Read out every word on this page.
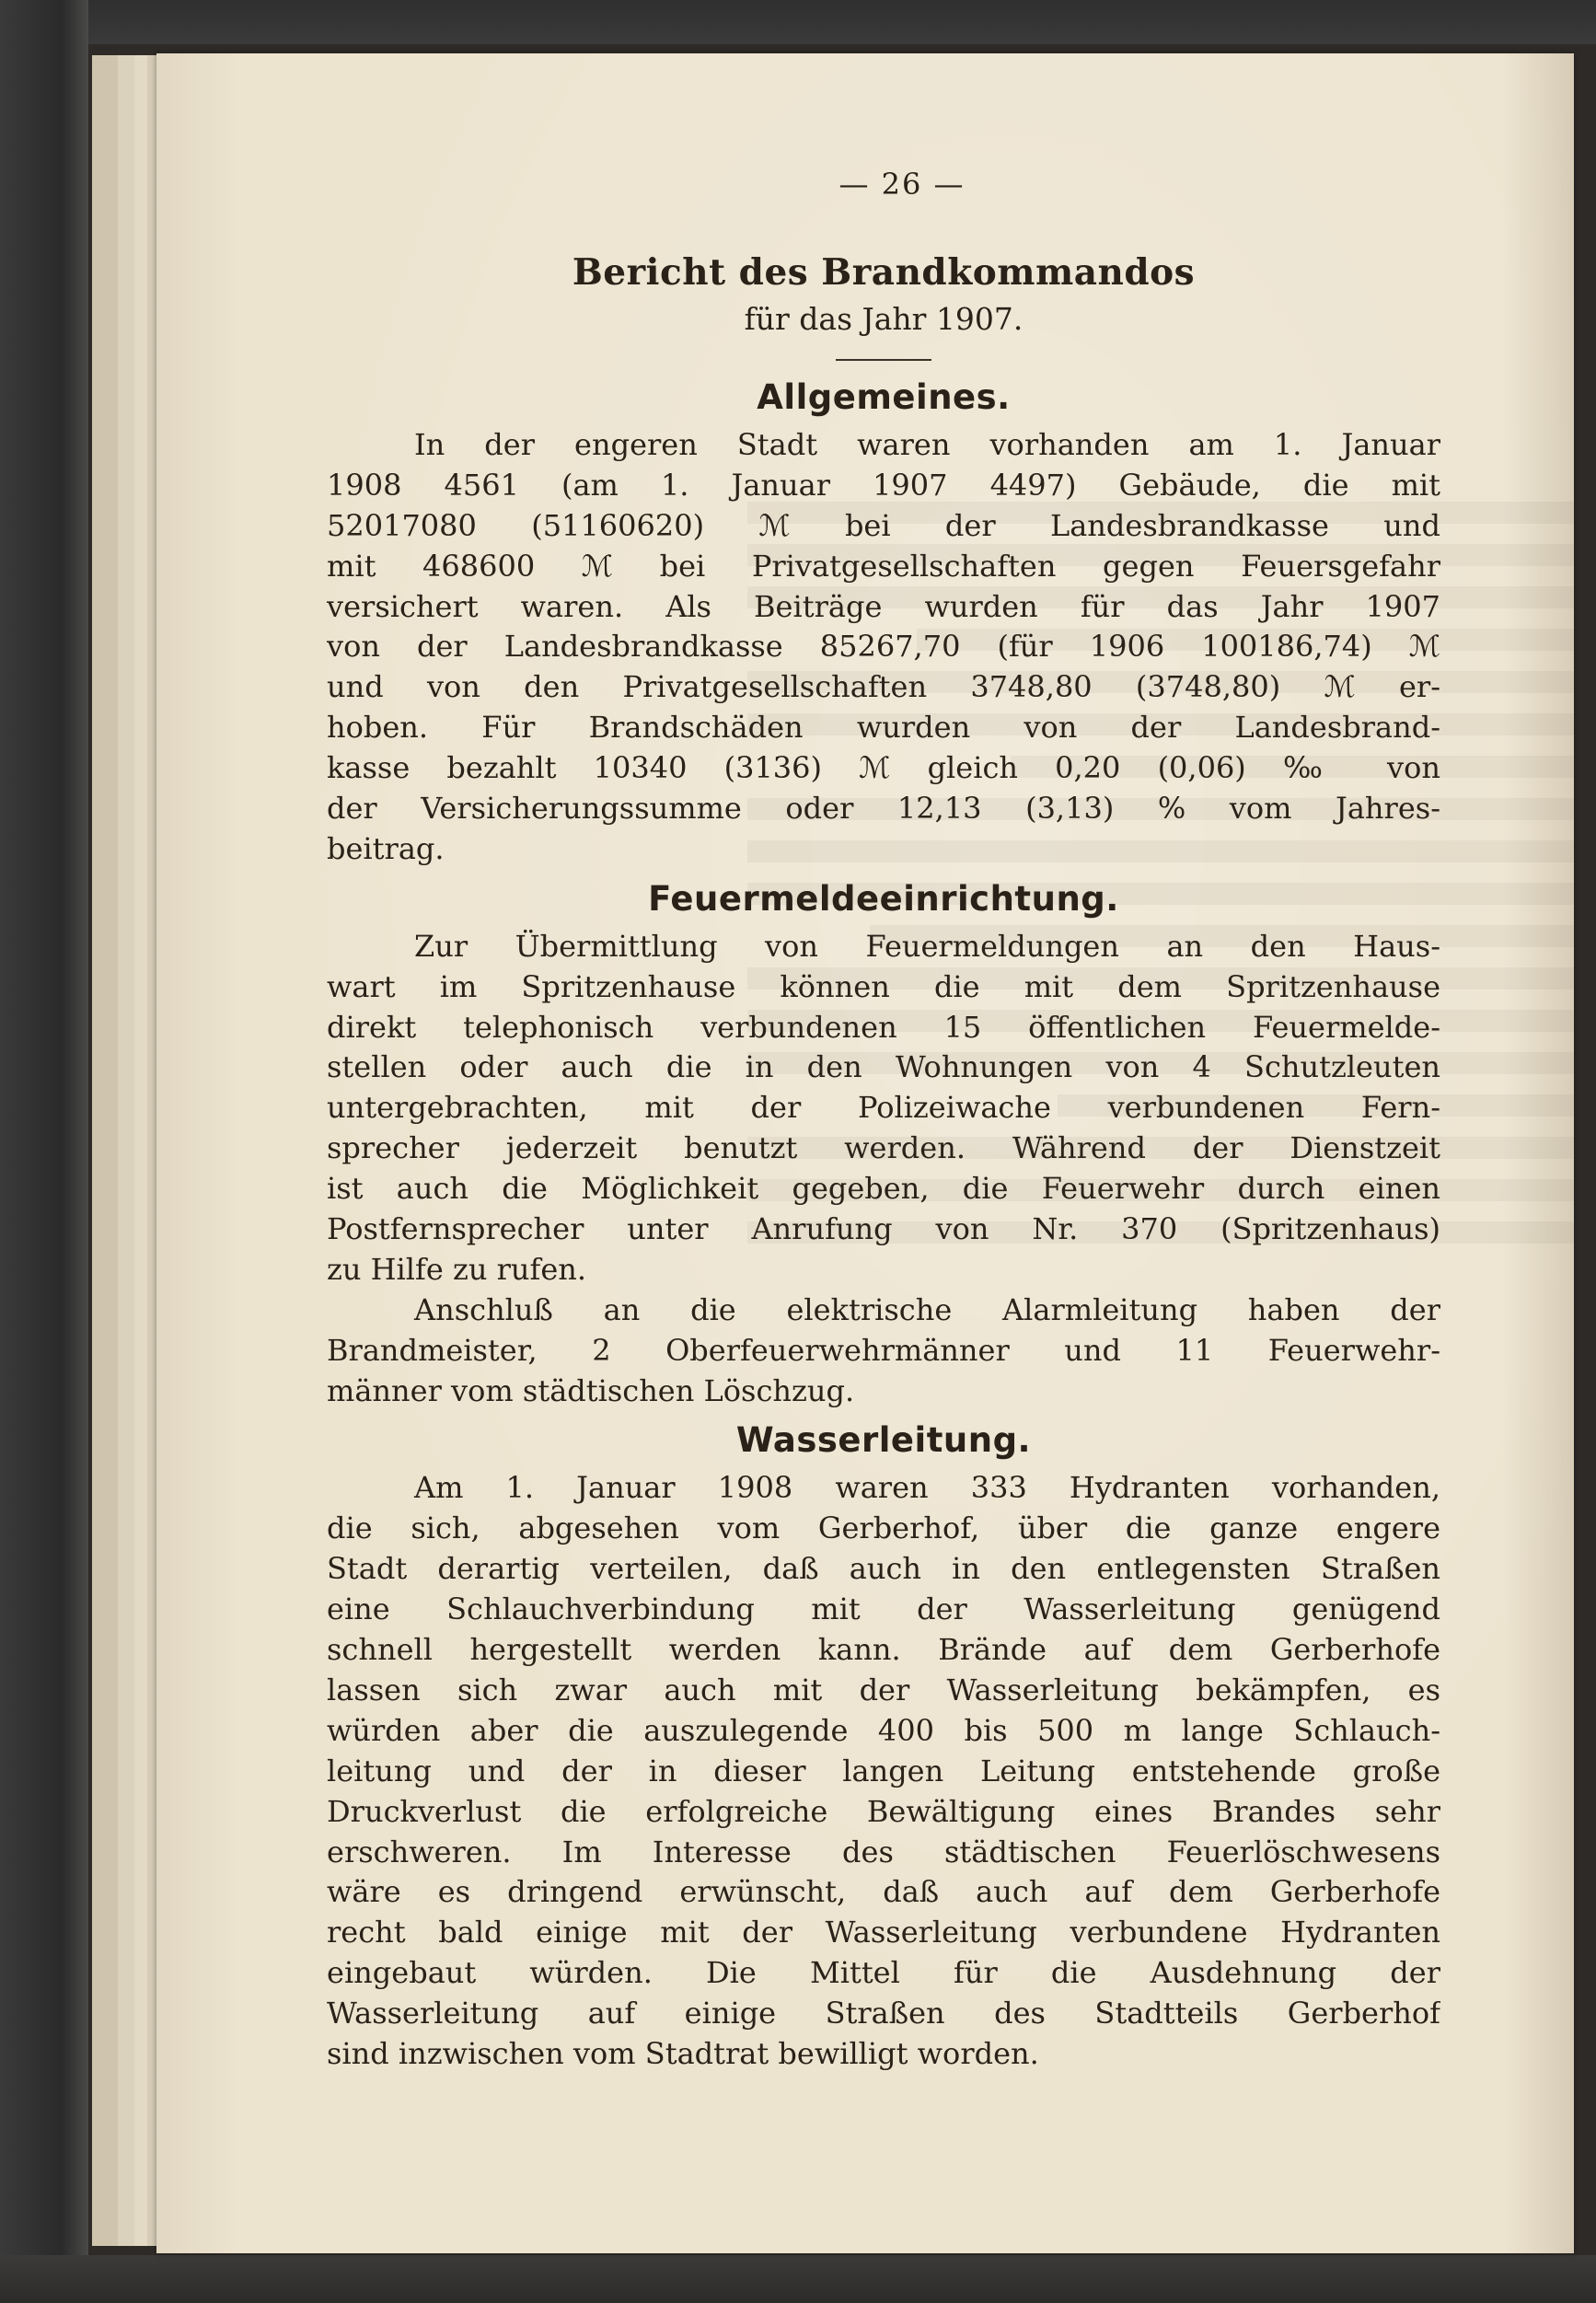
— 26 —
Bericht des Brandkommandos
für das Jahr 1907.
Allgemeines.
In der engeren Stadt waren vorhanden am 1. Januar
1908 4561 (am 1. Januar 1907 4497) Gebäude, die mit
52017080 (51160620) ℳ bei der Landesbrandkasse und
mit 468600 ℳ bei Privatgesellschaften gegen Feuersgefahr
versichert waren. Als Beiträge wurden für das Jahr 1907
von der Landesbrandkasse 85267,70 (für 1906 100186,74) ℳ
und von den Privatgesellschaften 3748,80 (3748,80) ℳ er-
hoben. Für Brandschäden wurden von der Landesbrand-
kasse bezahlt 10340 (3136) ℳ gleich 0,20 (0,06) ‰ von
der Versicherungssumme oder 12,13 (3,13) % vom Jahres-
beitrag.
Feuermeldeeinrichtung.
Zur Übermittlung von Feuermeldungen an den Haus-
wart im Spritzenhause können die mit dem Spritzenhause
direkt telephonisch verbundenen 15 öffentlichen Feuermelde-
stellen oder auch die in den Wohnungen von 4 Schutzleuten
untergebrachten, mit der Polizeiwache verbundenen Fern-
sprecher jederzeit benutzt werden. Während der Dienstzeit
ist auch die Möglichkeit gegeben, die Feuerwehr durch einen
Postfernsprecher unter Anrufung von Nr. 370 (Spritzenhaus)
zu Hilfe zu rufen.
Anschluß an die elektrische Alarmleitung haben der
Brandmeister, 2 Oberfeuerwehrmänner und 11 Feuerwehr-
männer vom städtischen Löschzug.
Wasserleitung.
Am 1. Januar 1908 waren 333 Hydranten vorhanden,
die sich, abgesehen vom Gerberhof, über die ganze engere
Stadt derartig verteilen, daß auch in den entlegensten Straßen
eine Schlauchverbindung mit der Wasserleitung genügend
schnell hergestellt werden kann. Brände auf dem Gerberhofe
lassen sich zwar auch mit der Wasserleitung bekämpfen, es
würden aber die auszulegende 400 bis 500 m lange Schlauch-
leitung und der in dieser langen Leitung entstehende große
Druckverlust die erfolgreiche Bewältigung eines Brandes sehr
erschweren. Im Interesse des städtischen Feuerlöschwesens
wäre es dringend erwünscht, daß auch auf dem Gerberhofe
recht bald einige mit der Wasserleitung verbundene Hydranten
eingebaut würden. Die Mittel für die Ausdehnung der
Wasserleitung auf einige Straßen des Stadtteils Gerberhof
sind inzwischen vom Stadtrat bewilligt worden.
